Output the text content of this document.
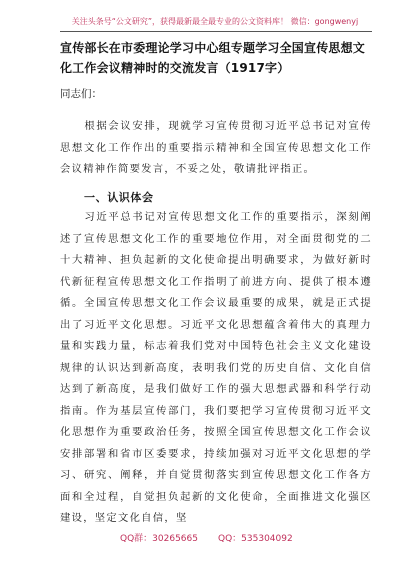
关注头条号“公文研究”，获得最新最全最专业的公文资料库！ 微信：gongwenyj
宣传部长在市委理论学习中心组专题学习全国宣传思想文化工作会议精神时的交流发言（1917字）
同志们：
根据会议安排，现就学习宣传贯彻习近平总书记对宣传思想文化工作作出的重要指示精神和全国宣传思想文化工作会议精神作简要发言，不妥之处，敬请批评指正。
一、认识体会
习近平总书记对宣传思想文化工作的重要指示，深刻阐述了宣传思想文化工作的重要地位作用，对全面贯彻党的二十大精神、担负起新的文化使命提出明确要求，为做好新时代新征程宣传思想文化工作指明了前进方向、提供了根本遵循。全国宣传思想文化工作会议最重要的成果，就是正式提出了习近平文化思想。习近平文化思想蕴含着伟大的真理力量和实践力量，标志着我们党对中国特色社会主义文化建设规律的认识达到新高度，表明我们党的历史自信、文化自信达到了新高度，是我们做好工作的强大思想武器和科学行动指南。作为基层宣传部门，我们要把学习宣传贯彻习近平文化思想作为重要政治任务，按照全国宣传思想文化工作会议安排部署和省市区委要求，持续加强对习近平文化思想的学习、研究、阐释，并自觉贯彻落实到宣传思想文化工作各方面和全过程，自觉担负起新的文化使命，全面推进文化强区建设，坚定文化自信，坚
QQ群：30265665 QQ：535304092
